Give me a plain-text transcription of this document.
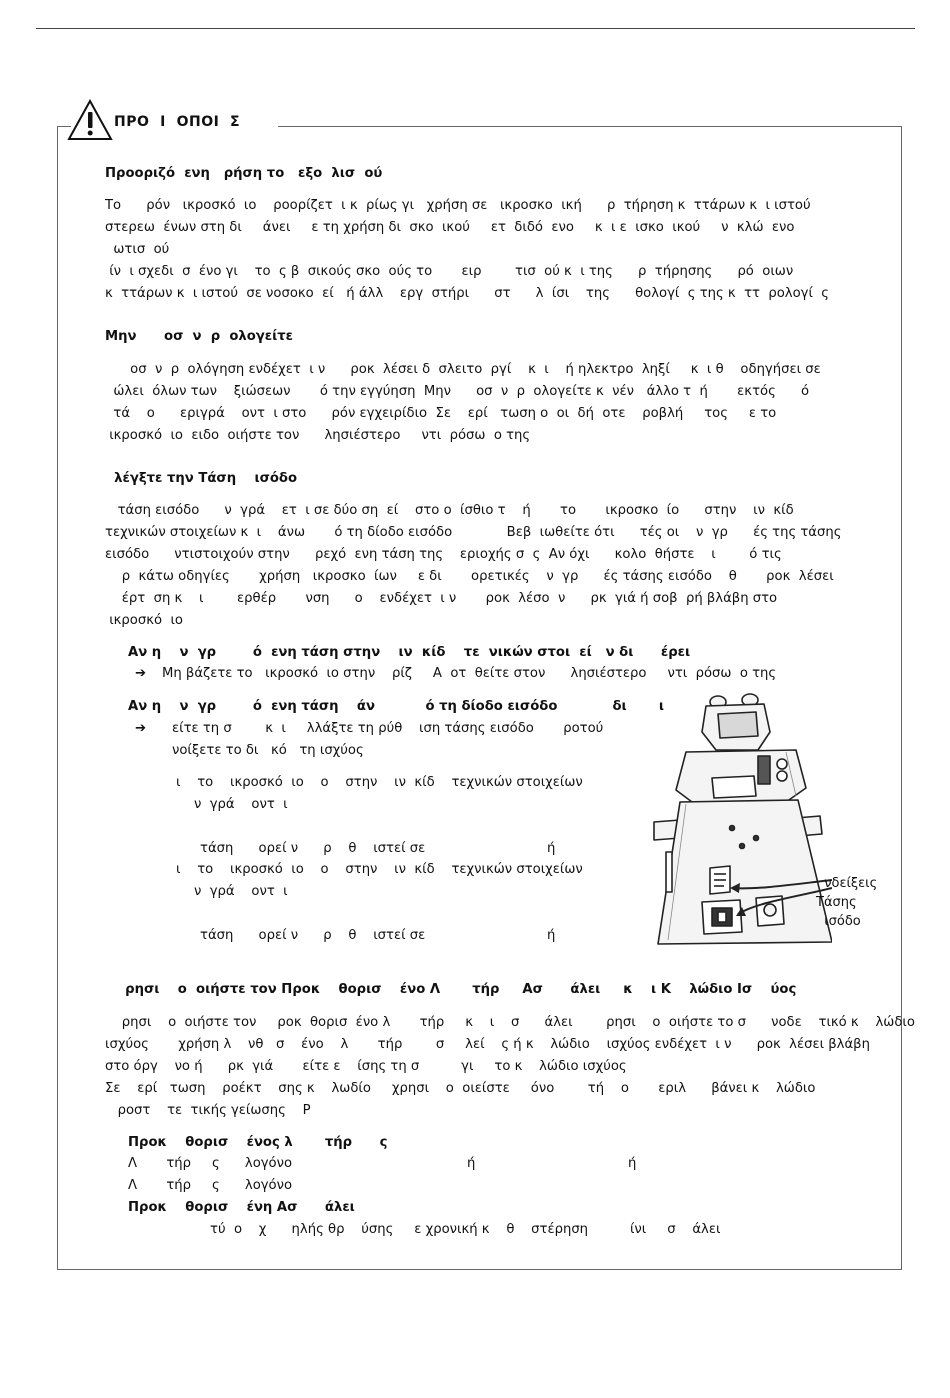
ΠΡΟ  Ι  ΟΠΟΙ  Σ
Προοριζό  ενη   ρήση το   εξο  λισ  ού
Το      ρόν   ικροσκό  ιο    ροορίζετ  ι κ  ρίως γι   χρήση σε   ικροσκο  ική      ρ  τήρηση κ  ττάρων κ  ι ιστού
στερεω  ένων στη δι     άνει     ε τη χρήση δι  σκο  ικού     ετ  διδό  ενο     κ  ι ε  ισκο  ικού     ν  κλώ  ενο
ωτισ  ού
ίν  ι σχεδι  σ  ένο γι    το  ς β  σικούς σκο  ούς το       ειρ        τισ  ού κ  ι της      ρ  τήρησης      ρό  οιων
κ  ττάρων κ  ι ιστού  σε νοσοκο  εί   ή άλλ    εργ  στήρι      στ      λ  ίσι    της      θολογί  ς της κ  ττ  ρολογί  ς
Μην      οσ  ν  ρ  ολογείτε
οσ  ν  ρ  ολόγηση ενδέχετ  ι ν      ροκ  λέσει δ  σλειτο  ργί    κ  ι    ή ηλεκτρο  ληξί     κ  ι θ    οδηγήσει σε
ώλει  όλων των    ξιώσεων       ό την εγγύηση  Μην      οσ  ν  ρ  ολογείτε κ  νέν   άλλο τ  ή       εκτός      ό
τά    ο      εριγρά    οντ  ι στο      ρόν εγχειρίδιο  Σε    ερί   τωση ο  οι  δή  οτε    ροβλή     τος     ε το
ικροσκό  ιο  ειδο  οιήστε τον      λησιέστερο     ντι  ρόσω  ο της
λέγξτε την Τάση    ισόδο
τάση εισόδο      ν  γρά    ετ  ι σε δύο ση  εί    στο ο  ίσθιο τ    ή       το       ικροσκο  ίο      στην    ιν  κίδ
τεχνικών στοιχείων κ  ι    άνω       ό τη δίοδο εισόδο             Βεβ  ιωθείτε ότι      τές οι    ν  γρ      ές της τάσης
εισόδο      ντιστοιχούν στην      ρεχό  ενη τάση της    εριοχής σ  ς  Αν όχι      κολο  θήστε    ι        ό τις
ρ  κάτω οδηγίες       χρήση   ικροσκο  ίων     ε δι       ορετικές    ν  γρ      ές τάσης εισόδο    θ       ροκ  λέσει
έρτ  ση κ    ι        ερθέρ       νση      ο    ενδέχετ  ι ν       ροκ  λέσο  ν      ρκ  γιά ή σοβ  ρή βλάβη στο
ικροσκό  ιο
Αν η    ν  γρ        ό  ενη τάση στην    ιν  κίδ    τε  νικών στοι  εί   ν δι      έρει
➔ Μη βάζετε το   ικροσκό  ιο στην    ρίζ     Α  οτ  θείτε στον      λησιέστερο     ντι  ρόσω  ο της
Αν η    ν  γρ        ό  ενη τάση    άν           ό τη δίοδο εισόδο            δι       ι
➔ είτε τη σ        κ  ι     λλάξτε τη ρύθ    ιση τάσης εισόδο       ροτού
νοίξετε το δι   κό   τη ισχύος
ι    το    ικροσκό  ιο    ο    στην    ιν  κίδ    τεχνικών στοιχείων
ν  γρά    οντ  ι
τάση      ορεί ν      ρ    θ    ιστεί σε	ή
ι    το    ικροσκό  ιο    ο    στην    ιν  κίδ    τεχνικών στοιχείων
ν  γρά    οντ  ι
τάση      ορεί ν      ρ    θ    ιστεί σε	ή
νδείξεις
Τάσης
ισόδο
ρησι    ο  οιήστε τον Προκ    θορισ    ένο Λ       τήρ     Ασ      άλει     κ    ι Κ    λώδιο Ισ    ύος
ρησι    ο  οιήστε τον     ροκ  θορισ  ένο λ       τήρ     κ    ι    σ      άλει        ρησι    ο  οιήστε το σ      νοδε    τικό κ    λώδιο
ισχύος       χρήση λ    νθ   σ    ένο    λ       τήρ        σ     λεί    ς ή κ    λώδιο    ισχύος ενδέχετ  ι ν      ροκ  λέσει βλάβη
στο όργ    νο ή      ρκ  γιά       είτε ε    ίσης τη σ          γι     το κ    λώδιο ισχύος
Σε    ερί   τωση    ροέκτ    σης κ    λωδίο     χρησι    ο  οιείστε     όνο        τή    ο       εριλ      βάνει κ    λώδιο
ροστ    τε  τικής γείωσης    Ρ
Προκ    θορισ    ένος λ       τήρ      ς
Λ       τήρ     ς      λογόνο	ή	ή
Λ       τήρ     ς      λογόνο
Προκ    θορισ    ένη Ασ      άλει
τύ  ο    χ      ηλής θρ    ύσης     ε χρονική κ    θ    στέρηση          ίνι     σ    άλει
